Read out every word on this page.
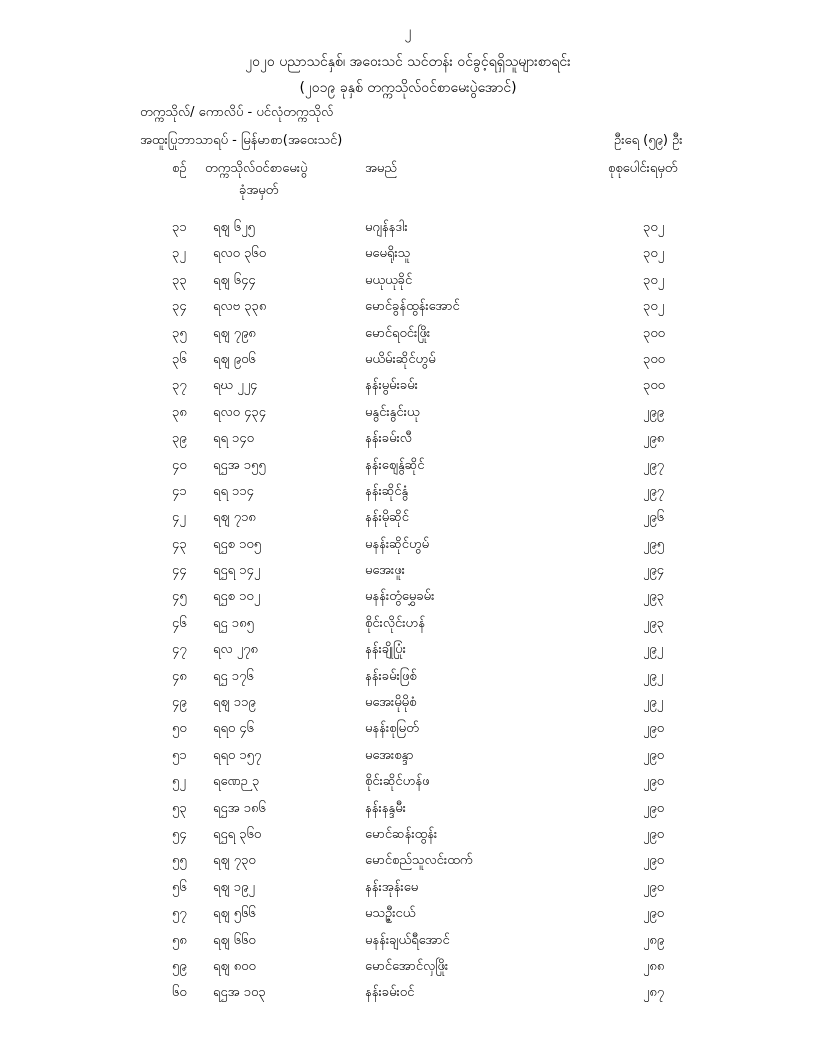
၂
၂၀၂၀ ပညာသင်နှစ်၊ အဝေးသင် သင်တန်း ဝင်ခွင့်ရရှိသူများစာရင်း
(၂၀၁၉ ခုနှစ် တက္ကသိုလ်ဝင်စာမေးပွဲအောင်)
တက္ကသိုလ်/ ကောလိပ် - ပင်လုံတက္ကသိုလ်
အထူးပြုဘာသာရပ် - မြန်မာစာ(အဝေးသင်)	ဦးရေ (၅၉) ဦး
စဉ် တက္ကသိုလ်ဝင်စာမေးပွဲ
ခုံအမှတ်
အမည်	စုစုပေါင်းရမှတ်
၃၁ ရဈ ၆၂၅	မဂျန်နဒါး	၃၀၂
၃၂ ရလဝ ၃၆၀	မမေရိုးသူ	၃၀၂
၃၃ ရဈ ၆၄၄	မယုယုခိုင်	၃၀၂
၃၄ ရလဗ ၃၃၈	မောင်ခွန်ထွန်းအောင်	၃၀၂
၃၅ ရဈ ၇၉၈	မောင်ရဝင်းဖြိုး	၃၀၀
၃၆ ရဈ ၉၀၆	မယိမ်းဆိုင်ဟွမ်	၃၀၀
၃၇ ရဃ ၂၂၄	နန်းမွမ်းခမ်း	၃၀၀
၃၈ ရလဝ ၄၃၄	မနွင်းနွင်းယု	၂၉၉
၃၉ ရရ ၁၄၀	နန်းခမ်းလီ	၂၉၈
၄၀ ရဌအ ၁၅၅	နန်းဈေနွ်ဆိုင်	၂၉၇
၄၁ ရရ ၁၁၄	နန်းဆိုင်နွံ	၂၉၇
၄၂ ရဈ ၇၁၈	နန်းမိုဆိုင်	၂၉၆
၄၃ ရဌစ ၁၀၅	မနန်းဆိုင်ဟွမ်	၂၉၅
၄၄ ရဌရ ၁၄၂	မအေးဖူး	၂၉၄
၄၅ ရဌစ ၁၀၂	မနန်းတွံမွှေခမ်း	၂၉၃
၄၆ ရဌ ၁၈၅	စိုင်းလိုင်းဟန်	၂၉၃
၄၇ ရလ ၂၇၈	နန်းချိုပြုံး	၂၉၂
၄၈ ရဌ ၁၇၆	နန်းခမ်းဖြစ်	၂၉၂
၄၉ ရဈ ၁၁၉	မအေးမိုမိုစံ	၂၉၂
၅၀ ရရ၀ ၄၆	မနန်းစုမြတ်	၂၉၀
၅၁ ရရ၀ ၁၅၇	မအေးစန္ဒာ	၂၉၀
၅၂ ရဏေဉ ၃	စိုင်းဆိုင်ဟန်ဖ	၂၉၀
၅၃ ရဌအ ၁၈၆	နန်းနန္ဒမီး	၂၉၀
၅၄ ရဌရ ၃၆၀	မောင်ဆန်းထွန်း	၂၉၀
၅၅ ရဈ ၇၃၀	မောင်စည်သူလင်းထက်	၂၉၀
၅၆ ရဈ ၁၉၂	နန်းအုန်းမေ	၂၉၀
၅၇ ရဈ ၅၆၆	မသဉ္ဇီးငယ်	၂၉၀
၅၈ ရဈ ၆၆၀	မနန်းချယ်ရီအောင်	၂၈၉
၅၉ ရဈ ၈၀၀	မောင်အောင်လှဖြိုး	၂၈၈
၆၀ ရဌအ ၁၀၃	နန်းခမ်းဝင်	၂၈၇
